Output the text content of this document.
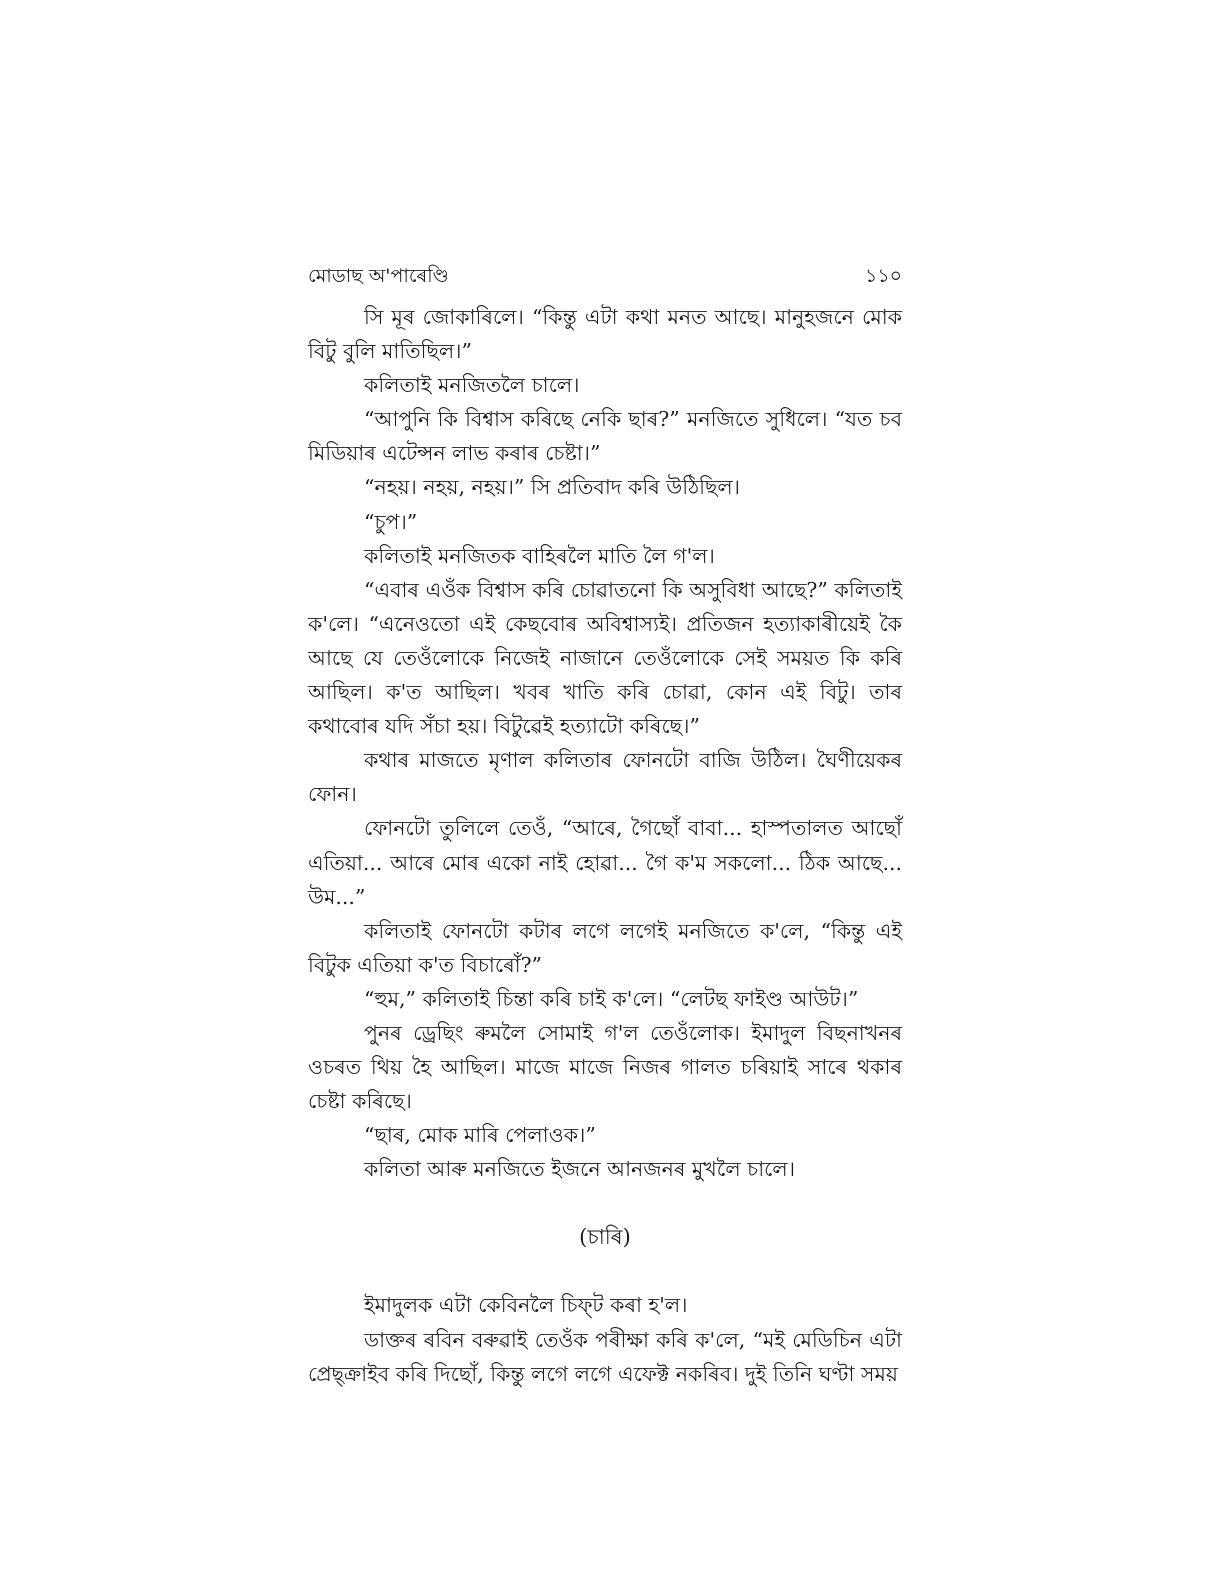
মোডাছ অ'পাৰেণ্ডি	১১০

সি মূৰ জোকাৰিলে। “কিন্তু এটা কথা মনত আছে। মানুহজনে মোক বিটু বুলি মাতিছিল।”

কলিতাই মনজিতলৈ চালে।

“আপুনি কি বিশ্বাস কৰিছে নেকি ছাৰ?” মনজিতে সুধিলে। “যত চব মিডিয়াৰ এটেন্সন লাভ কৰাৰ চেষ্টা।”

“নহয়। নহয়, নহয়।” সি প্ৰতিবাদ কৰি উঠিছিল।

“চুপ।”

কলিতাই মনজিতক বাহিৰলৈ মাতি লৈ গ'ল।

“এবাৰ এওঁক বিশ্বাস কৰি চোৱাতনো কি অসুবিধা আছে?” কলিতাই ক'লে। “এনেওতো এই কেছবোৰ অবিশ্বাস্যই। প্ৰতিজন হত্যাকাৰীয়েই কৈ আছে যে তেওঁলোকে নিজেই নাজানে তেওঁলোকে সেই সময়ত কি কৰি আছিল। ক'ত আছিল। খবৰ খাতি কৰি চোৱা, কোন এই বিটু। তাৰ কথাবোৰ যদি সঁচা হয়। বিটুৱেই হত্যাটো কৰিছে।”

কথাৰ মাজতে মৃণাল কলিতাৰ ফোনটো বাজি উঠিল। ঘৈণীয়েকৰ ফোন।

ফোনটো তুলিলে তেওঁ, “আৰে, গৈছোঁ বাবা... হাস্পতালত আছোঁ এতিয়া... আৰে মোৰ একো নাই হোৱা... গৈ ক'ম সকলো... ঠিক আছে... উম...”

কলিতাই ফোনটো কটাৰ লগে লগেই মনজিতে ক'লে, “কিন্তু এই বিটুক এতিয়া ক'ত বিচাৰোঁ?”

“হুম,” কলিতাই চিন্তা কৰি চাই ক'লে। “লেটছ ফাইণ্ড আউট।”

পুনৰ ড্ৰেছিং ৰুমলৈ সোমাই গ'ল তেওঁলোক। ইমাদুল বিছনাখনৰ ওচৰত থিয় হৈ আছিল। মাজে মাজে নিজৰ গালত চৰিয়াই সাৰে থকাৰ চেষ্টা কৰিছে।

“ছাৰ, মোক মাৰি পেলাওক।”

কলিতা আৰু মনজিতে ইজনে আনজনৰ মুখলৈ চালে।

(চাৰি)

ইমাদুলক এটা কেবিনলৈ চিফ্‌ট কৰা হ'ল।

ডাক্তৰ ৰবিন বৰুৱাই তেওঁক পৰীক্ষা কৰি ক'লে, “মই মেডিচিন এটা প্ৰেছ্‌ক্ৰাইব কৰি দিছোঁ, কিন্তু লগে লগে এফেক্ট নকৰিব। দুই তিনি ঘণ্টা সময়
